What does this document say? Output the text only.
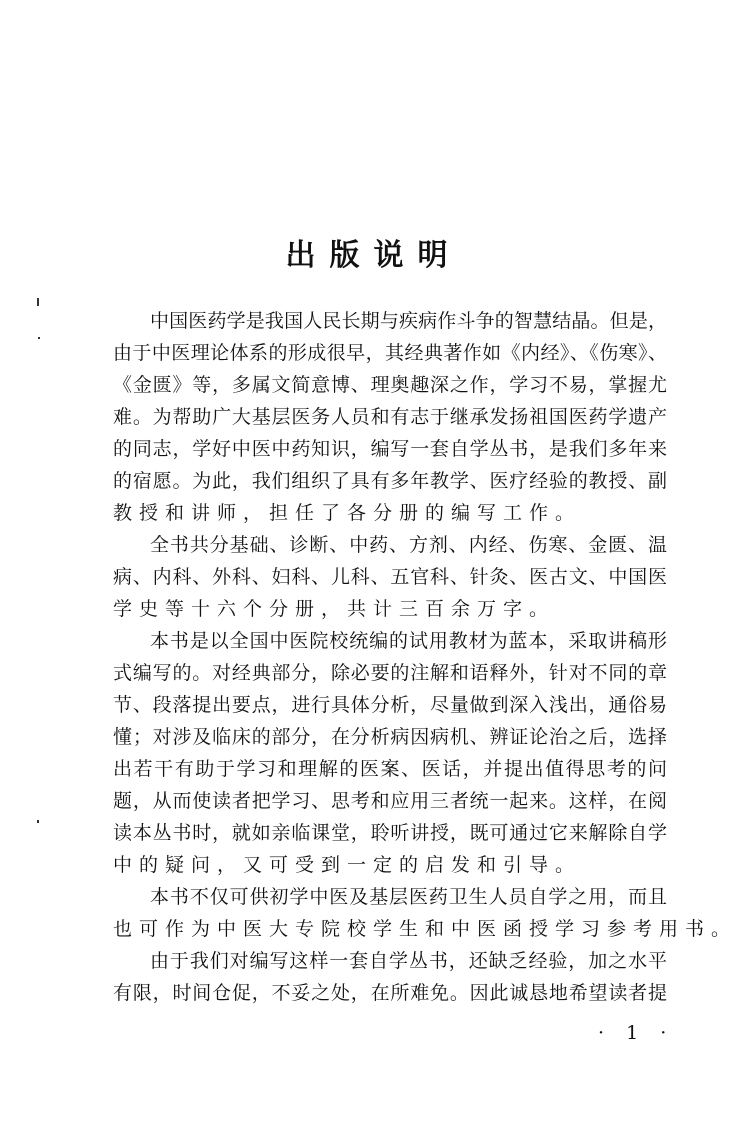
出版说明
中国医药学是我国人民长期与疾病作斗争的智慧结晶。但是，
由于中医理论体系的形成很早，其经典著作如《内经》、《伤寒》、
《金匮》等，多属文简意博、理奥趣深之作，学习不易，掌握尤
难。为帮助广大基层医务人员和有志于继承发扬祖国医药学遗产
的同志，学好中医中药知识，编写一套自学丛书，是我们多年来
的宿愿。为此，我们组织了具有多年教学、医疗经验的教授、副
教授和讲师，担任了各分册的编写工作。
全书共分基础、诊断、中药、方剂、内经、伤寒、金匮、温
病、内科、外科、妇科、儿科、五官科、针灸、医古文、中国医
学史等十六个分册，共计三百余万字。
本书是以全国中医院校统编的试用教材为蓝本，采取讲稿形
式编写的。对经典部分，除必要的注解和语释外，针对不同的章
节、段落提出要点，进行具体分析，尽量做到深入浅出，通俗易
懂；对涉及临床的部分，在分析病因病机、辨证论治之后，选择
出若干有助于学习和理解的医案、医话，并提出值得思考的问
题，从而使读者把学习、思考和应用三者统一起来。这样，在阅
读本丛书时，就如亲临课堂，聆听讲授，既可通过它来解除自学
中的疑问，又可受到一定的启发和引导。
本书不仅可供初学中医及基层医药卫生人员自学之用，而且
也可作为中医大专院校学生和中医函授学习参考用书。
由于我们对编写这样一套自学丛书，还缺乏经验，加之水平
有限，时间仓促，不妥之处，在所难免。因此诚恳地希望读者提
· 1 ·
